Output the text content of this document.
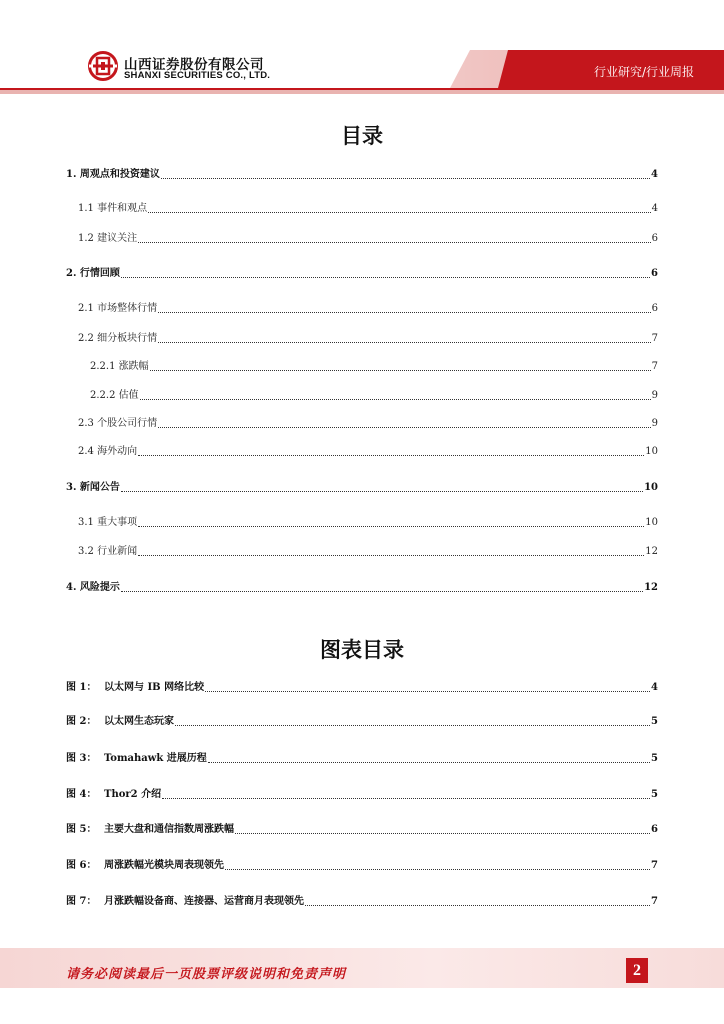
山西证券股份有限公司
SHANXI SECURITIES CO., LTD.	行业研究/行业周报
目录
1. 周观点和投资建议	4
1.1 事件和观点	4
1.2 建议关注	6
2. 行情回顾	6
2.1 市场整体行情	6
2.2 细分板块行情	7
2.2.1 涨跌幅	7
2.2.2 估值	9
2.3 个股公司行情	9
2.4 海外动向	10
3. 新闻公告	10
3.1 重大事项	10
3.2 行业新闻	12
4. 风险提示	12
图表目录
图 1： 以太网与 IB 网络比较	4
图 2： 以太网生态玩家	5
图 3： Tomahawk 进展历程	5
图 4： Thor2 介绍	5
图 5： 主要大盘和通信指数周涨跌幅	6
图 6： 周涨跌幅光模块周表现领先	7
图 7： 月涨跌幅设备商、连接器、运营商月表现领先	7
请务必阅读最后一页股票评级说明和免责声明	2
